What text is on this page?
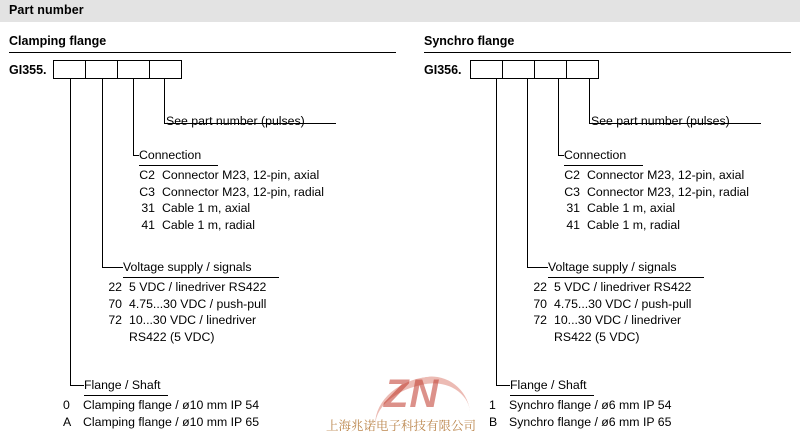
Part number
Clamping flange
GI355.
See part number (pulses)
Connection
C2 Connector M23, 12-pin, axial
C3 Connector M23, 12-pin, radial
31 Cable 1 m, axial
41 Cable 1 m, radial
Voltage supply / signals
22 5 VDC / linedriver RS422
70 4.75...30 VDC / push-pull
72 10...30 VDC / linedriver
RS422 (5 VDC)
Flange / Shaft
0 Clamping flange / ø10 mm IP 54
A Clamping flange / ø10 mm IP 65
Synchro flange
GI356.
See part number (pulses)
Connection
C2 Connector M23, 12-pin, axial
C3 Connector M23, 12-pin, radial
31 Cable 1 m, axial
41 Cable 1 m, radial
Voltage supply / signals
22 5 VDC / linedriver RS422
70 4.75...30 VDC / push-pull
72 10...30 VDC / linedriver
RS422 (5 VDC)
Flange / Shaft
1 Synchro flange / ø6 mm IP 54
B Synchro flange / ø6 mm IP 65
ZN
上海兆诺电子科技有限公司
